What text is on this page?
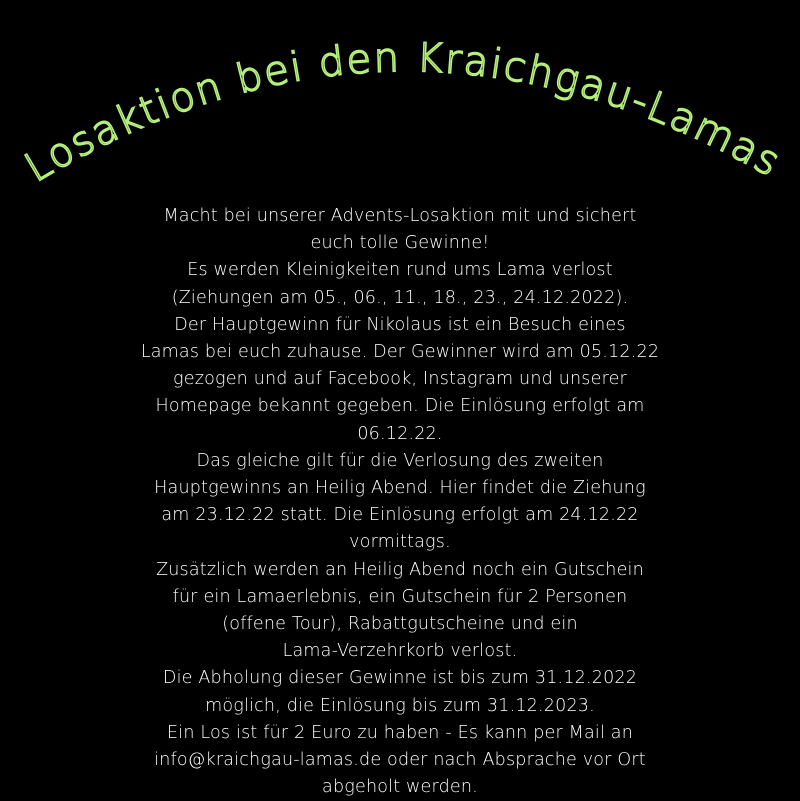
Losaktion bei den Kraichgau-Lamas
Macht bei unserer Advents-Losaktion mit und sichert
euch tolle Gewinne!
Es werden Kleinigkeiten rund ums Lama verlost
(Ziehungen am 05., 06., 11., 18., 23., 24.12.2022).
Der Hauptgewinn für Nikolaus ist ein Besuch eines
Lamas bei euch zuhause. Der Gewinner wird am 05.12.22
gezogen und auf Facebook, Instagram und unserer
Homepage bekannt gegeben. Die Einlösung erfolgt am
06.12.22.
Das gleiche gilt für die Verlosung des zweiten
Hauptgewinns an Heilig Abend. Hier findet die Ziehung
am 23.12.22 statt. Die Einlösung erfolgt am 24.12.22
vormittags.
Zusätzlich werden an Heilig Abend noch ein Gutschein
für ein Lamaerlebnis, ein Gutschein für 2 Personen
(offene Tour), Rabattgutscheine und ein
Lama-Verzehrkorb verlost.
Die Abholung dieser Gewinne ist bis zum 31.12.2022
möglich, die Einlösung bis zum 31.12.2023.
Ein Los ist für 2 Euro zu haben - Es kann per Mail an
info@kraichgau-lamas.de oder nach Absprache vor Ort
abgeholt werden.
